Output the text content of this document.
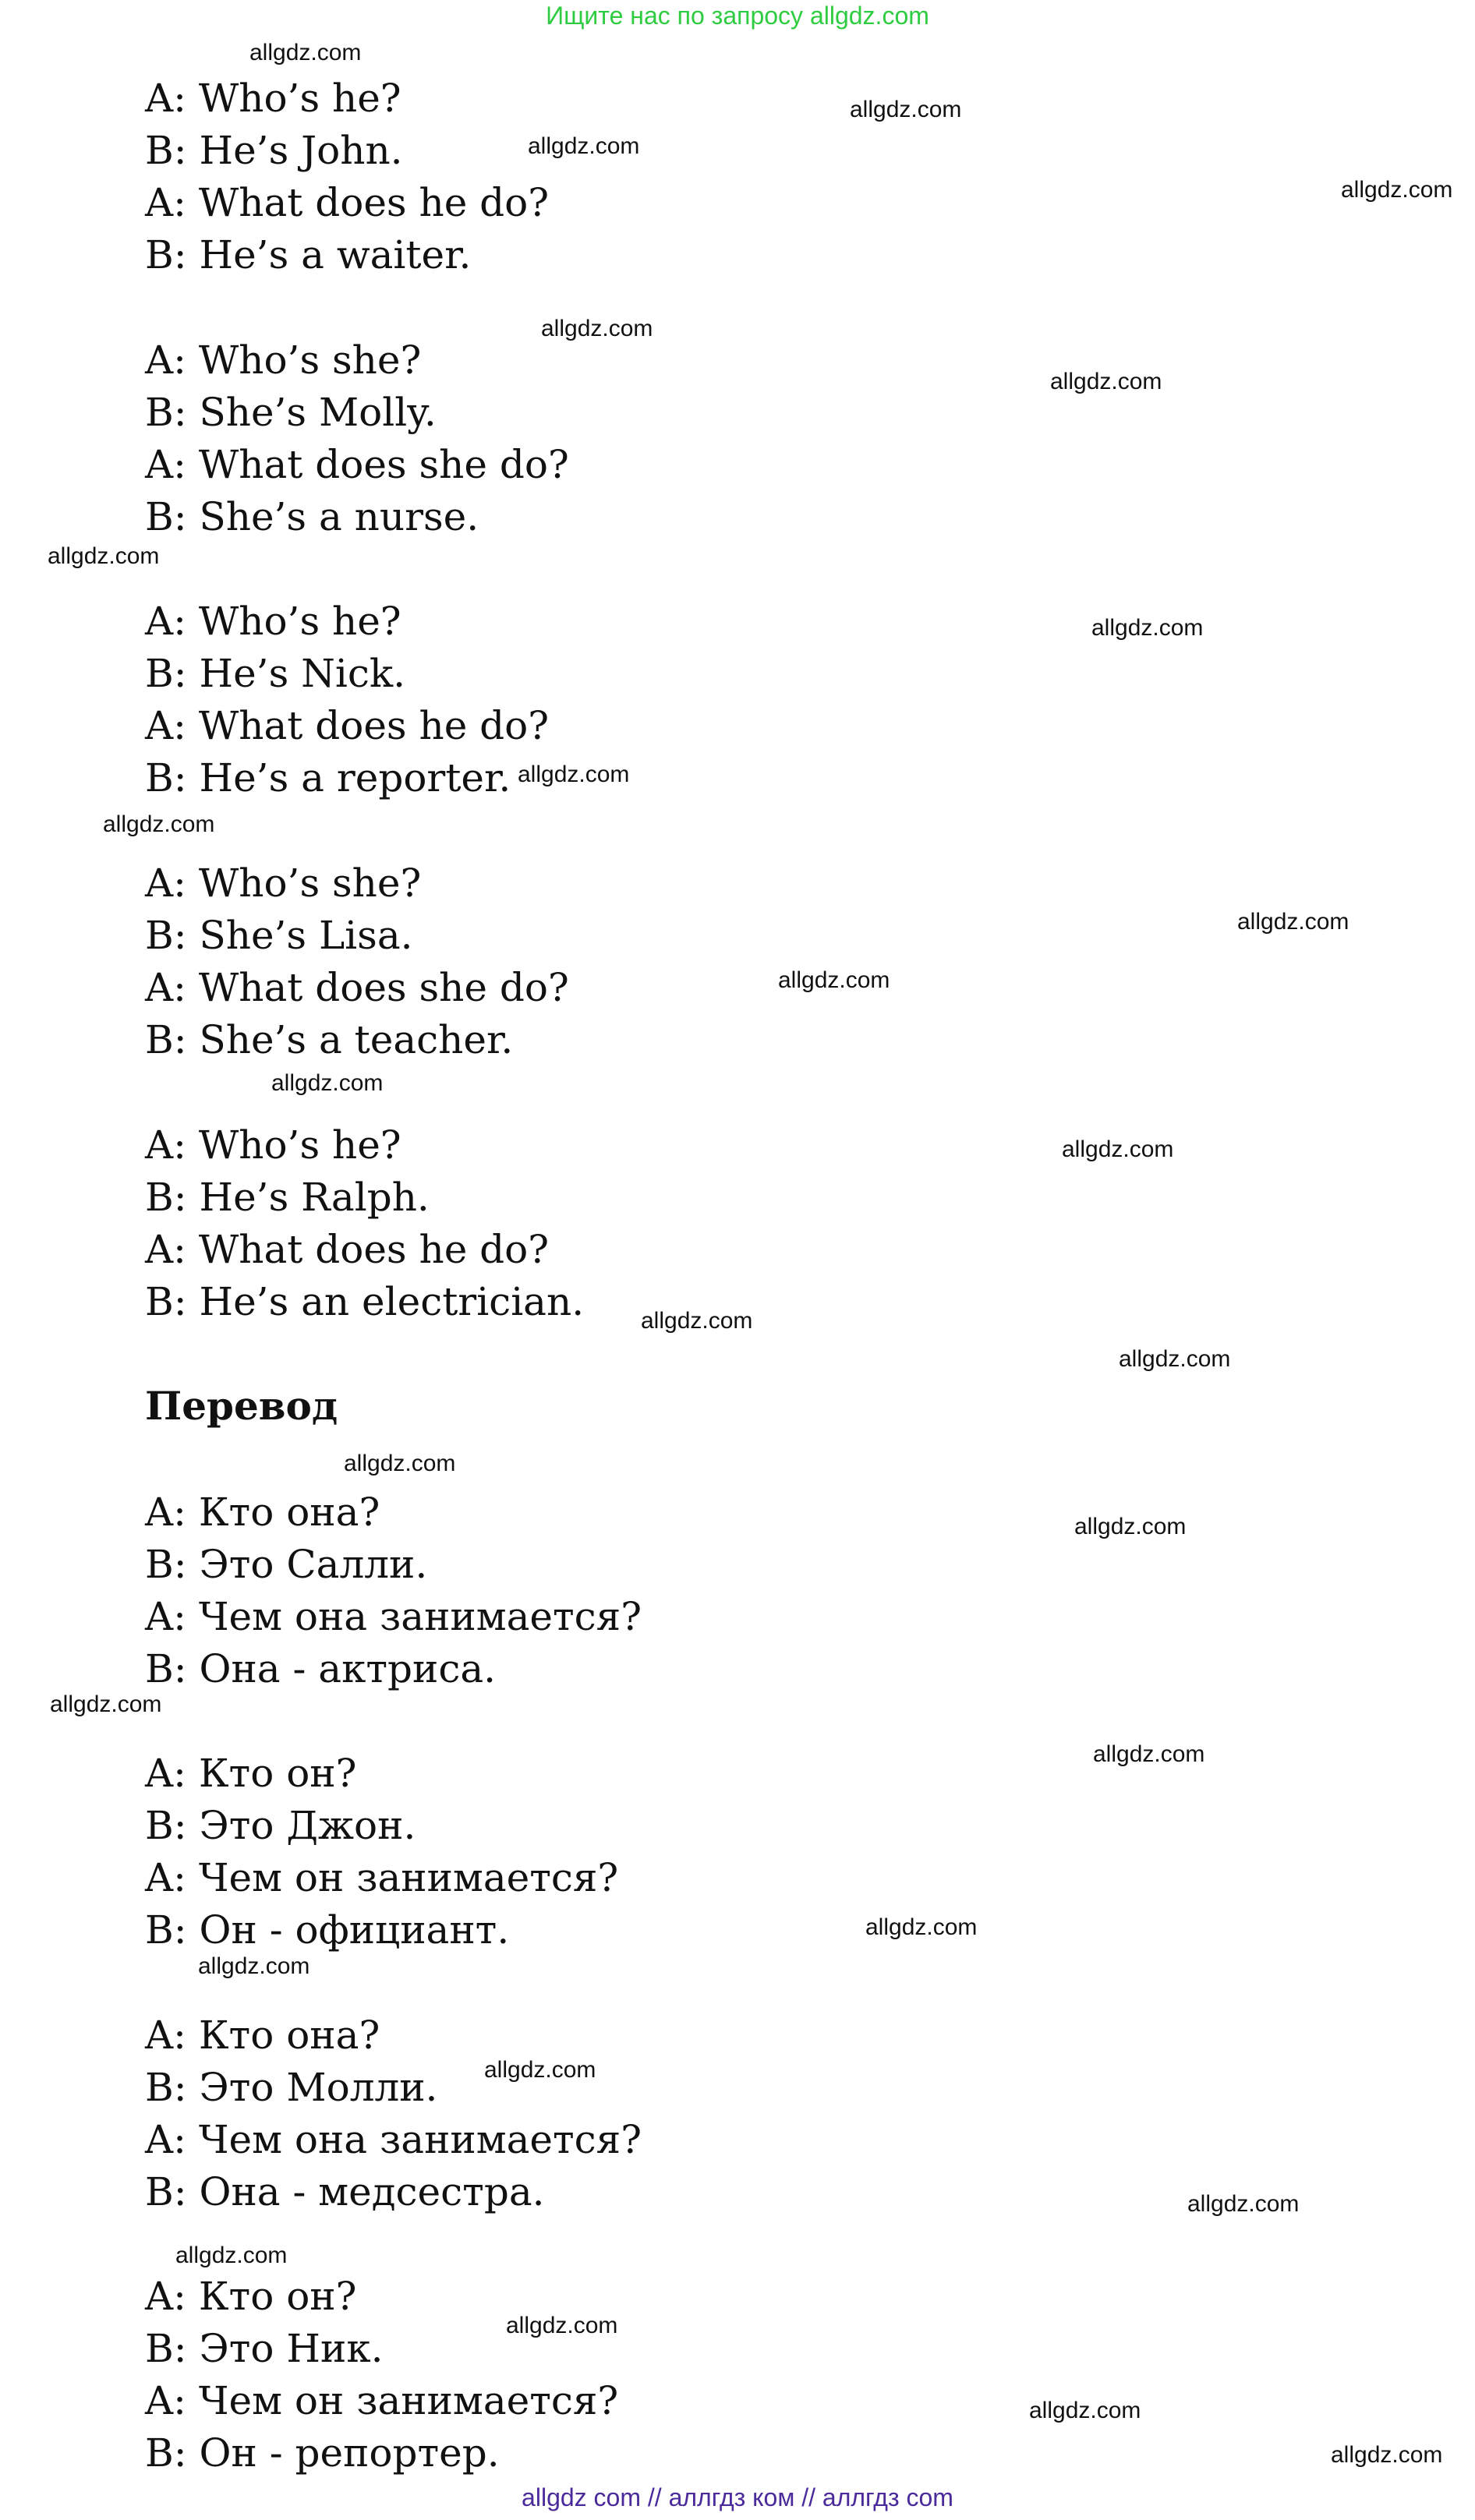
Ищите нас по запросу allgdz.com
A: Who’s he?
B: He’s John.
A: What does he do?
B: He’s a waiter.
A: Who’s she?
B: She’s Molly.
A: What does she do?
B: She’s a nurse.
A: Who’s he?
B: He’s Nick.
A: What does he do?
B: He’s a reporter.
A: Who’s she?
B: She’s Lisa.
A: What does she do?
B: She’s a teacher.
A: Who’s he?
B: He’s Ralph.
A: What does he do?
B: He’s an electrician.
Перевод
A: Кто она?
B: Это Салли.
A: Чем она занимается?
B: Она - актриса.
A: Кто он?
B: Это Джон.
A: Чем он занимается?
B: Он - официант.
A: Кто она?
B: Это Молли.
A: Чем она занимается?
B: Она - медсестра.
A: Кто он?
B: Это Ник.
A: Чем он занимается?
B: Он - репортер.
allgdz.com
allgdz.com
allgdz.com
allgdz.com
allgdz.com
allgdz.com
allgdz.com
allgdz.com
allgdz.com
allgdz.com
allgdz.com
allgdz.com
allgdz.com
allgdz.com
allgdz.com
allgdz.com
allgdz.com
allgdz.com
allgdz.com
allgdz.com
allgdz.com
allgdz.com
allgdz.com
allgdz.com
allgdz.com
allgdz.com
allgdz.com
allgdz.com
allgdz com // аллгдз ком // аллгдз com
